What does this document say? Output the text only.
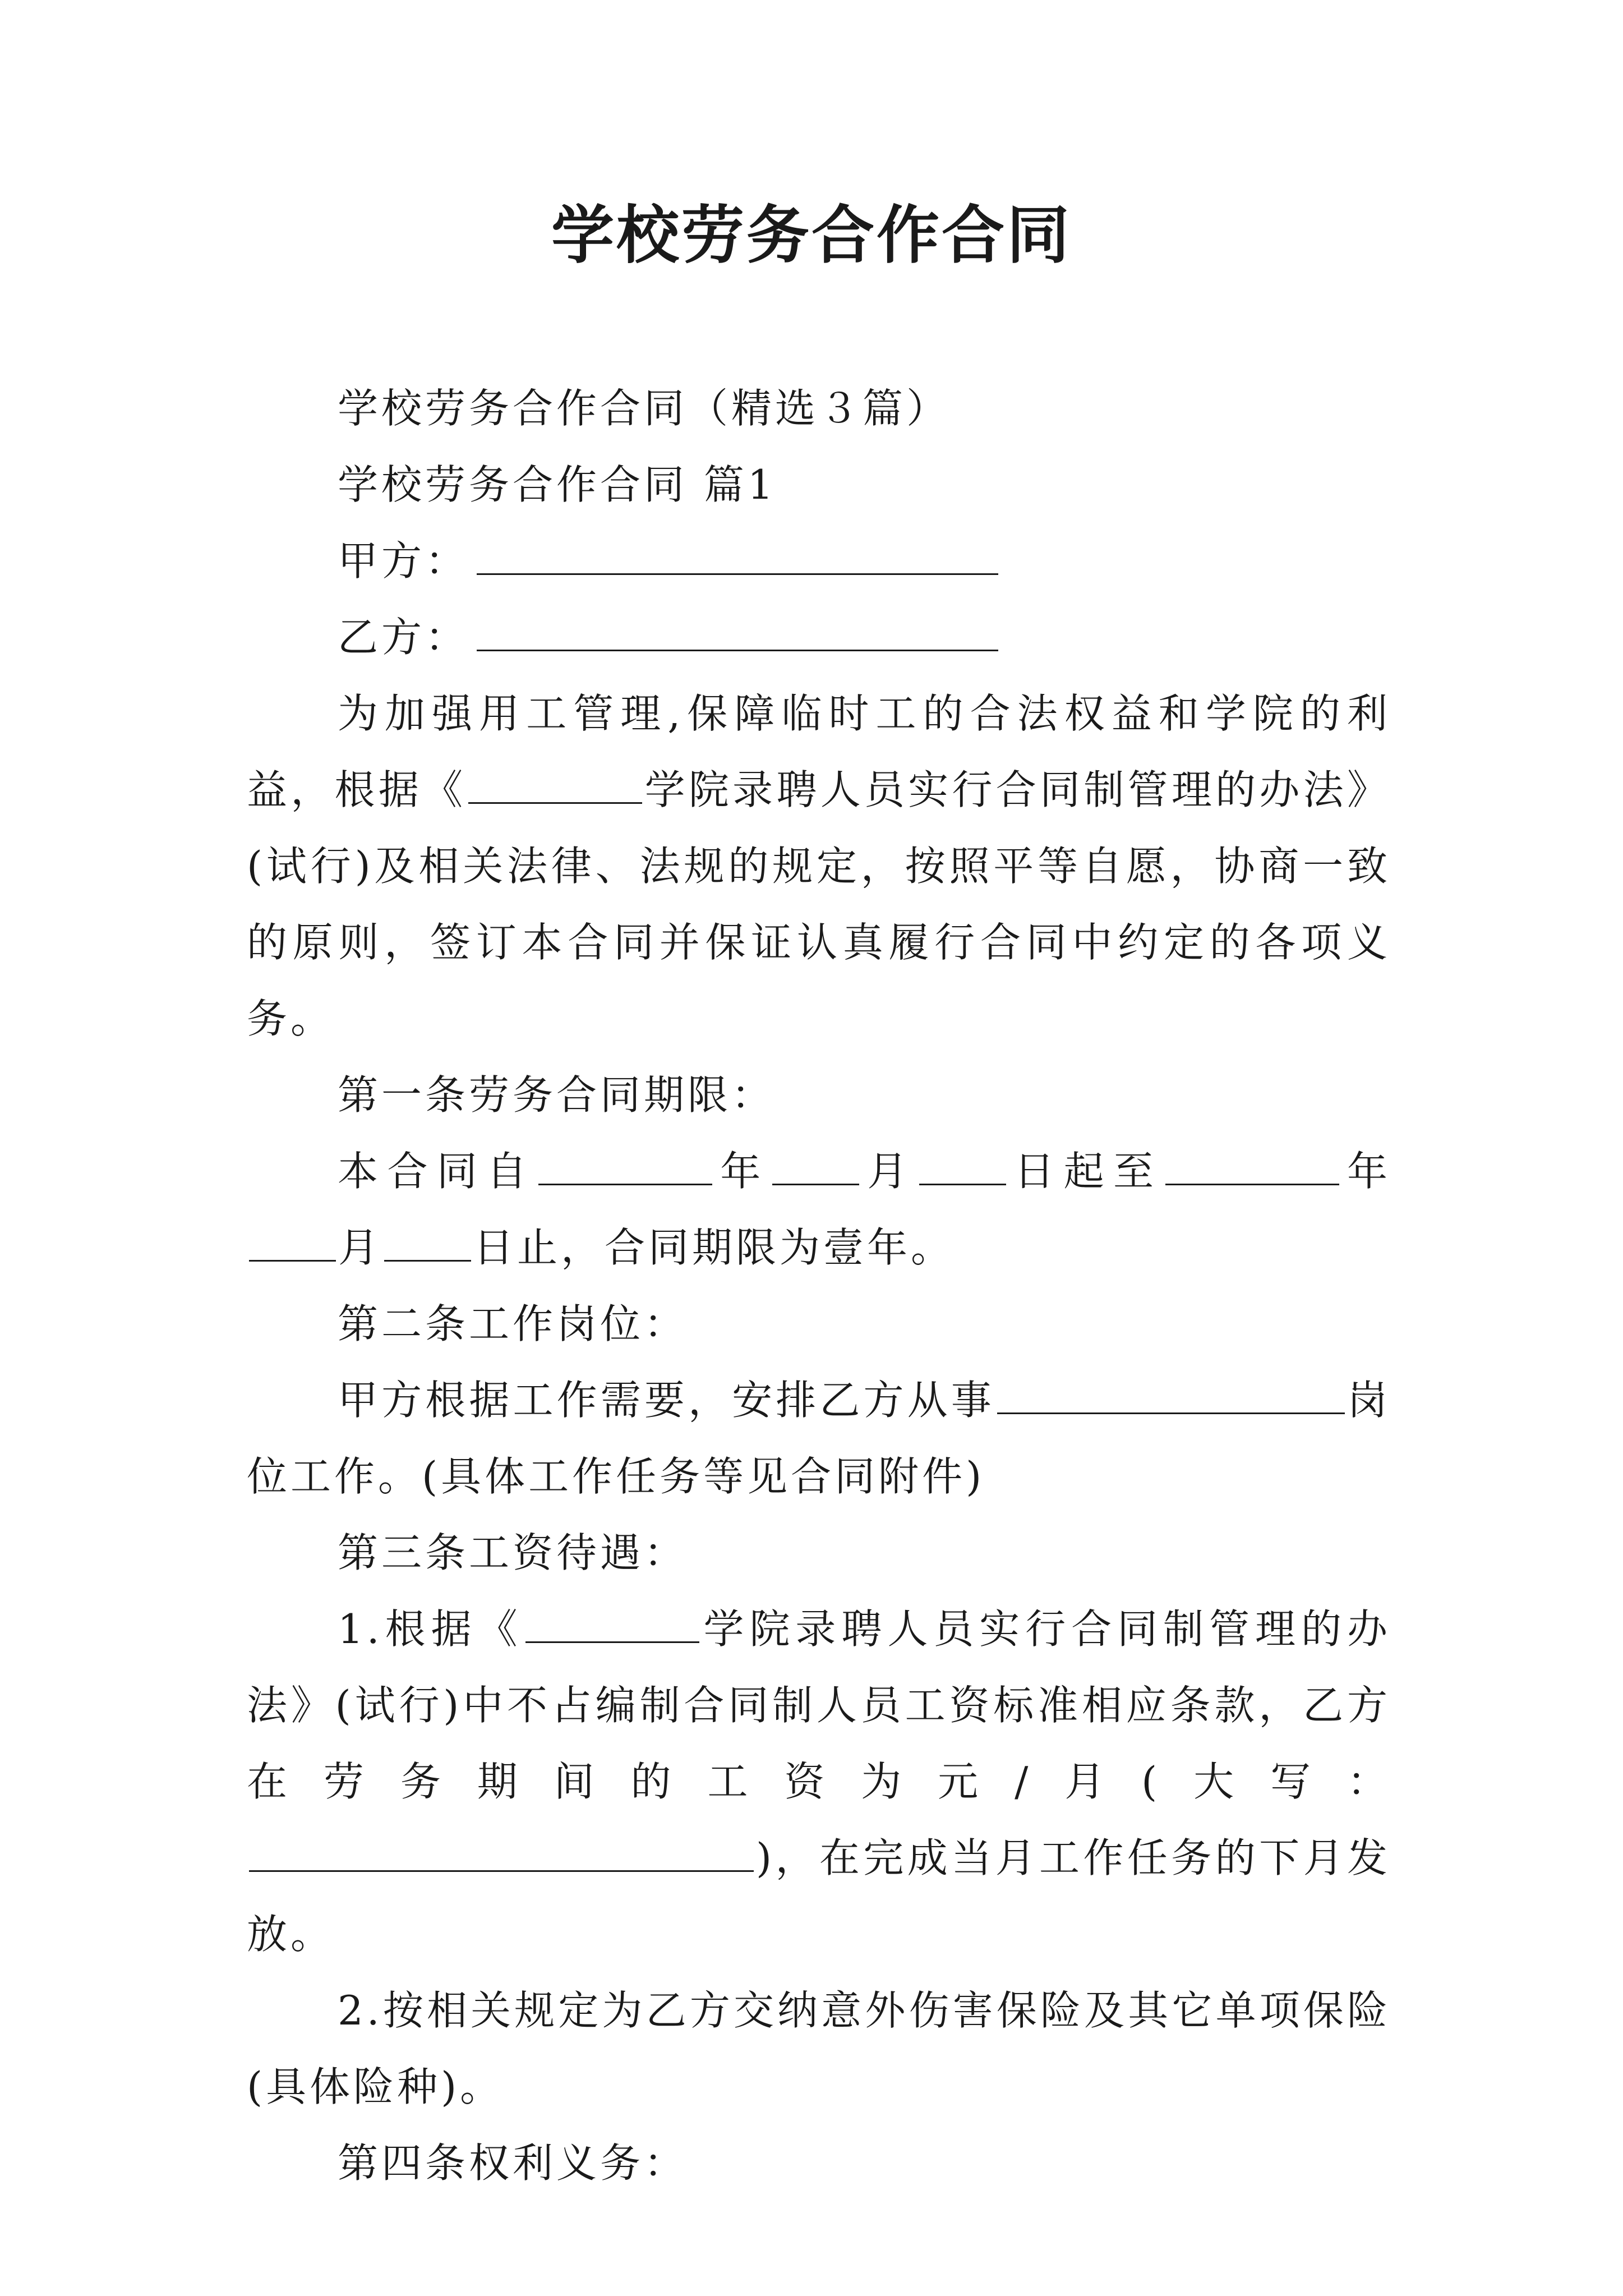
学校劳务合作合同

学校劳务合作合同（精选３篇）

学校劳务合作合同 篇1

甲方：

乙方：

为加强用工管理,保障临时工的合法权益和学院的利益，根据《	学院录聘人员实行合同制管理的办法》(试行)及相关法律、法规的规定，按照平等自愿，协商一致的原则，签订本合同并保证认真履行合同中约定的各项义务。

第一条劳务合同期限：

本合同自	年 月 日起至	年月 日止，合同期限为壹年。

第二条工作岗位：

甲方根据工作需要，安排乙方从事	岗位工作。(具体工作任务等见合同附件)

第三条工资待遇：

1.根据《	学院录聘人员实行合同制管理的办法》(试行)中不占编制合同制人员工资标准相应条款，乙方在劳务期间的工资为元/月(大写：)，在完成当月工作任务的下月发放。

2.按相关规定为乙方交纳意外伤害保险及其它单项保险(具体险种)。

第四条权利义务：
